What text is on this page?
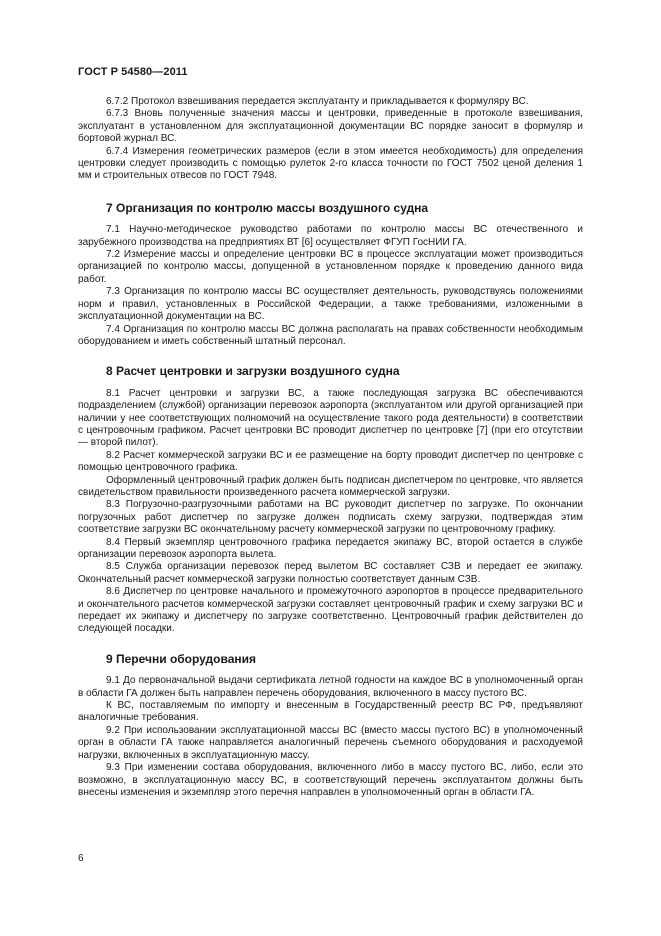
ГОСТ Р 54580—2011

6.7.2 Протокол взвешивания передается эксплуатанту и прикладывается к формуляру ВС.

6.7.3 Вновь полученные значения массы и центровки, приведенные в протоколе взвешивания, эксплуатант в установленном для эксплуатационной документации ВС порядке заносит в формуляр и бортовой журнал ВС.

6.7.4 Измерения геометрических размеров (если в этом имеется необходимость) для определения центровки следует производить с помощью рулеток 2-го класса точности по ГОСТ 7502 ценой деления 1 мм и строительных отвесов по ГОСТ 7948.

7 Организация по контролю массы воздушного судна

7.1 Научно-методическое руководство работами по контролю массы ВС отечественного и зарубежного производства на предприятиях ВТ [6] осуществляет ФГУП ГосНИИ ГА.

7.2 Измерение массы и определение центровки ВС в процессе эксплуатации может производиться организацией по контролю массы, допущенной в установленном порядке к проведению данного вида работ.

7.3 Организация по контролю массы ВС осуществляет деятельность, руководствуясь положениями норм и правил, установленных в Российской Федерации, а также требованиями, изложенными в эксплуатационной документации на ВС.

7.4 Организация по контролю массы ВС должна располагать на правах собственности необходимым оборудованием и иметь собственный штатный персонал.

8 Расчет центровки и загрузки воздушного судна

8.1 Расчет центровки и загрузки ВС, а также последующая загрузка ВС обеспечиваются подразделением (службой) организации перевозок аэропорта (эксплуатантом или другой организацией при наличии у нее соответствующих полномочий на осуществление такого рода деятельности) в соответствии с центровочным графиком. Расчет центровки ВС проводит диспетчер по центровке [7] (при его отсутствии — второй пилот).

8.2 Расчет коммерческой загрузки ВС и ее размещение на борту проводит диспетчер по центровке с помощью центровочного графика.

Оформленный центровочный график должен быть подписан диспетчером по центровке, что является свидетельством правильности произведенного расчета коммерческой загрузки.

8.3 Погрузочно-разгрузочными работами на ВС руководит диспетчер по загрузке. По окончании погрузочных работ диспетчер по загрузке должен подписать схему загрузки, подтверждая этим соответствие загрузки ВС окончательному расчету коммерческой загрузки по центровочному графику.

8.4 Первый экземпляр центровочного графика передается экипажу ВС, второй остается в службе организации перевозок аэропорта вылета.

8.5 Служба организации перевозок перед вылетом ВС составляет СЗВ и передает ее экипажу. Окончательный расчет коммерческой загрузки полностью соответствует данным СЗВ.

8.6 Диспетчер по центровке начального и промежуточного аэропортов в процессе предварительного и окончательного расчетов коммерческой загрузки составляет центровочный график и схему загрузки ВС и передает их экипажу и диспетчеру по загрузке соответственно. Центровочный график действителен до следующей посадки.

9 Перечни оборудования

9.1 До первоначальной выдачи сертификата летной годности на каждое ВС в уполномоченный орган в области ГА должен быть направлен перечень оборудования, включенного в массу пустого ВС.

К ВС, поставляемым по импорту и внесенным в Государственный реестр ВС РФ, предъявляют аналогичные требования.

9.2 При использовании эксплуатационной массы ВС (вместо массы пустого ВС) в уполномоченный орган в области ГА также направляется аналогичный перечень съемного оборудования и расходуемой нагрузки, включенных в эксплуатационную массу.

9.3 При изменении состава оборудования, включенного либо в массу пустого ВС, либо, если это возможно, в эксплуатационную массу ВС, в соответствующий перечень эксплуатантом должны быть внесены изменения и экземпляр этого перечня направлен в уполномоченный орган в области ГА.

6
